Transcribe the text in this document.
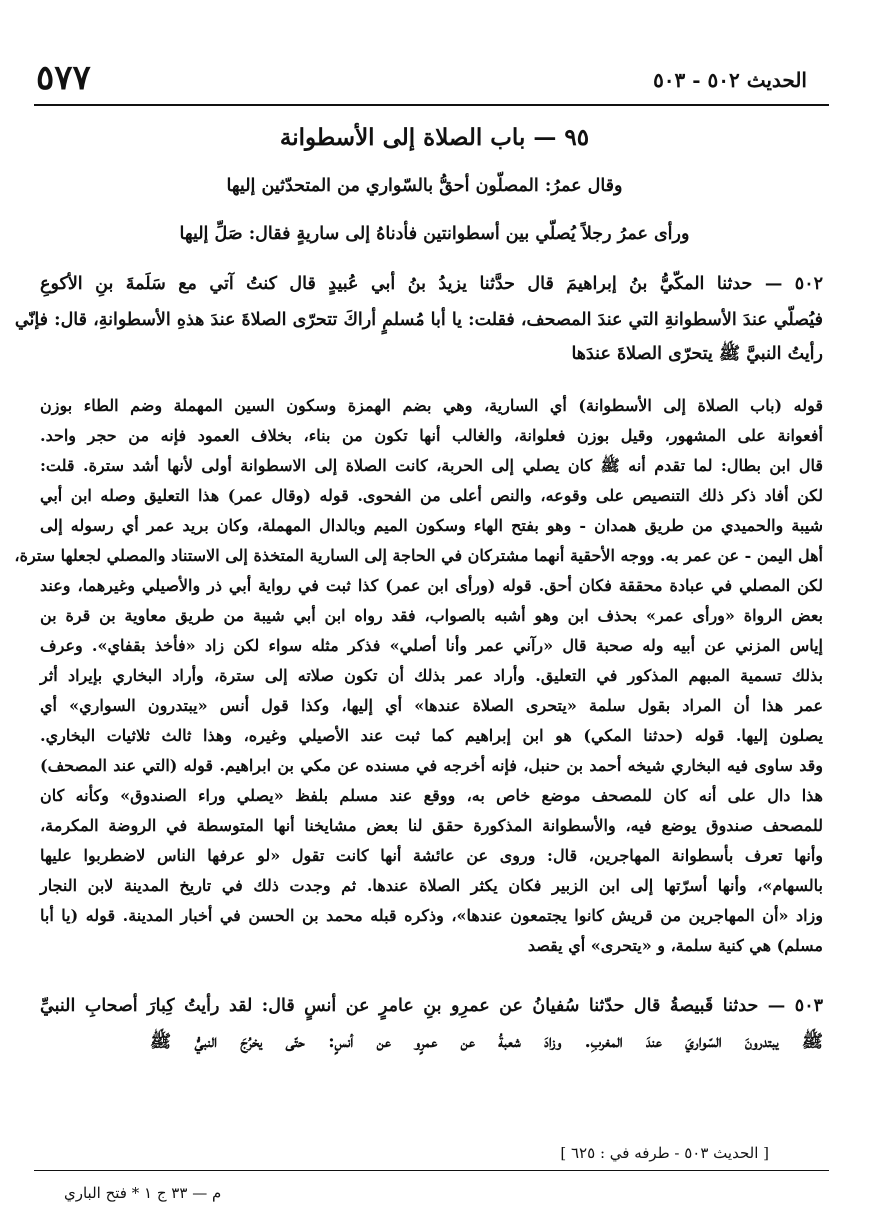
٥٧٧	الحديث ٥٠٢ - ٥٠٣
٩٥ — باب الصلاة إلى الأسطوانة
وقال عمرُ: المصلّون أحقُّ بالسّواري من المتحدّثين إليها
ورأى عمرُ رجلاً يُصلّي بين أسطوانتين فأدناهُ إلى ساريةٍ فقال: صَلِّ إليها
٥٠٢ — حدثنا المكّيُّ بنُ إبراهيمَ قال حدَّثنا يزيدُ بنُ أبي عُبيدٍ قال كنتُ آتي مع سَلَمةَ بنِ الأكوعِ
فيُصلّي عندَ الأسطوانةِ التي عندَ المصحف، فقلت: يا أبا مُسلمٍ أراكَ تتحرّى الصلاةَ عندَ هذهِ الأسطوانةِ، قال: فإنّي
رأيتُ النبيَّ ﷺ يتحرّى الصلاةَ عندَها
قوله (باب الصلاة إلى الأسطوانة) أي السارية، وهي بضم الهمزة وسكون السين المهملة وضم الطاء بوزن
أفعوانة على المشهور، وقيل بوزن فعلوانة، والغالب أنها تكون من بناء، بخلاف العمود فإنه من حجر واحد.
قال ابن بطال: لما تقدم أنه ﷺ كان يصلي إلى الحربة، كانت الصلاة إلى الاسطوانة أولى لأنها أشد سترة. قلت:
لكن أفاد ذكر ذلك التنصيص على وقوعه، والنص أعلى من الفحوى. قوله (وقال عمر) هذا التعليق وصله ابن أبي
شيبة والحميدي من طريق همدان - وهو بفتح الهاء وسكون الميم وبالدال المهملة، وكان بريد عمر أي رسوله إلى
أهل اليمن - عن عمر به. ووجه الأحقية أنهما مشتركان في الحاجة إلى السارية المتخذة إلى الاستناد والمصلي لجعلها سترة،
لكن المصلي في عبادة محققة فكان أحق. قوله (ورأى ابن عمر) كذا ثبت في رواية أبي ذر والأصيلي وغيرهما، وعند
بعض الرواة «ورأى عمر» بحذف ابن وهو أشبه بالصواب، فقد رواه ابن أبي شيبة من طريق معاوية بن قرة بن
إياس المزني عن أبيه وله صحبة قال «رآني عمر وأنا أصلي» فذكر مثله سواء لكن زاد «فأخذ بقفاي». وعرف
بذلك تسمية المبهم المذكور في التعليق. وأراد عمر بذلك أن تكون صلاته إلى سترة، وأراد البخاري بإيراد أثر
عمر هذا أن المراد بقول سلمة «يتحرى الصلاة عندها» أي إليها، وكذا قول أنس «يبتدرون السواري» أي
يصلون إليها. قوله (حدثنا المكي) هو ابن إبراهيم كما ثبت عند الأصيلي وغيره، وهذا ثالث ثلاثيات البخاري.
وقد ساوى فيه البخاري شيخه أحمد بن حنبل، فإنه أخرجه في مسنده عن مكي بن ابراهيم. قوله (التي عند المصحف)
هذا دال على أنه كان للمصحف موضع خاص به، ووقع عند مسلم بلفظ «يصلي وراء الصندوق» وكأنه كان
للمصحف صندوق يوضع فيه، والأسطوانة المذكورة حقق لنا بعض مشايخنا أنها المتوسطة في الروضة المكرمة،
وأنها تعرف بأسطوانة المهاجرين، قال: وروى عن عائشة أنها كانت تقول «لو عرفها الناس لاضطربوا عليها
بالسهام»، وأنها أسرّتها إلى ابن الزبير فكان يكثر الصلاة عندها. ثم وجدت ذلك في تاريخ المدينة لابن النجار
وزاد «أن المهاجرين من قريش كانوا يجتمعون عندها»، وذكره قبله محمد بن الحسن في أخبار المدينة. قوله (يا أبا
مسلم) هي كنية سلمة، و «يتحرى» أي يقصد
٥٠٣ — حدثنا قَبيصةُ قال حدّثنا سُفيانُ عن عمرِو بنِ عامرٍ عن أنسٍ قال: لقد رأيتُ كِبارَ أصحابِ النبيِّ
ﷺ يبتدرونَ السّواريَ عندَ المغربِ. وزادَ شعبةُ عن عمرٍو عن أنسٍ: حتّى يخرُجَ النبيُّ ﷺ
[ الحديث ٥٠٣ - طرفه في : ٦٢٥ ]
م — ٣٣ ج ١ * فتح الباري
